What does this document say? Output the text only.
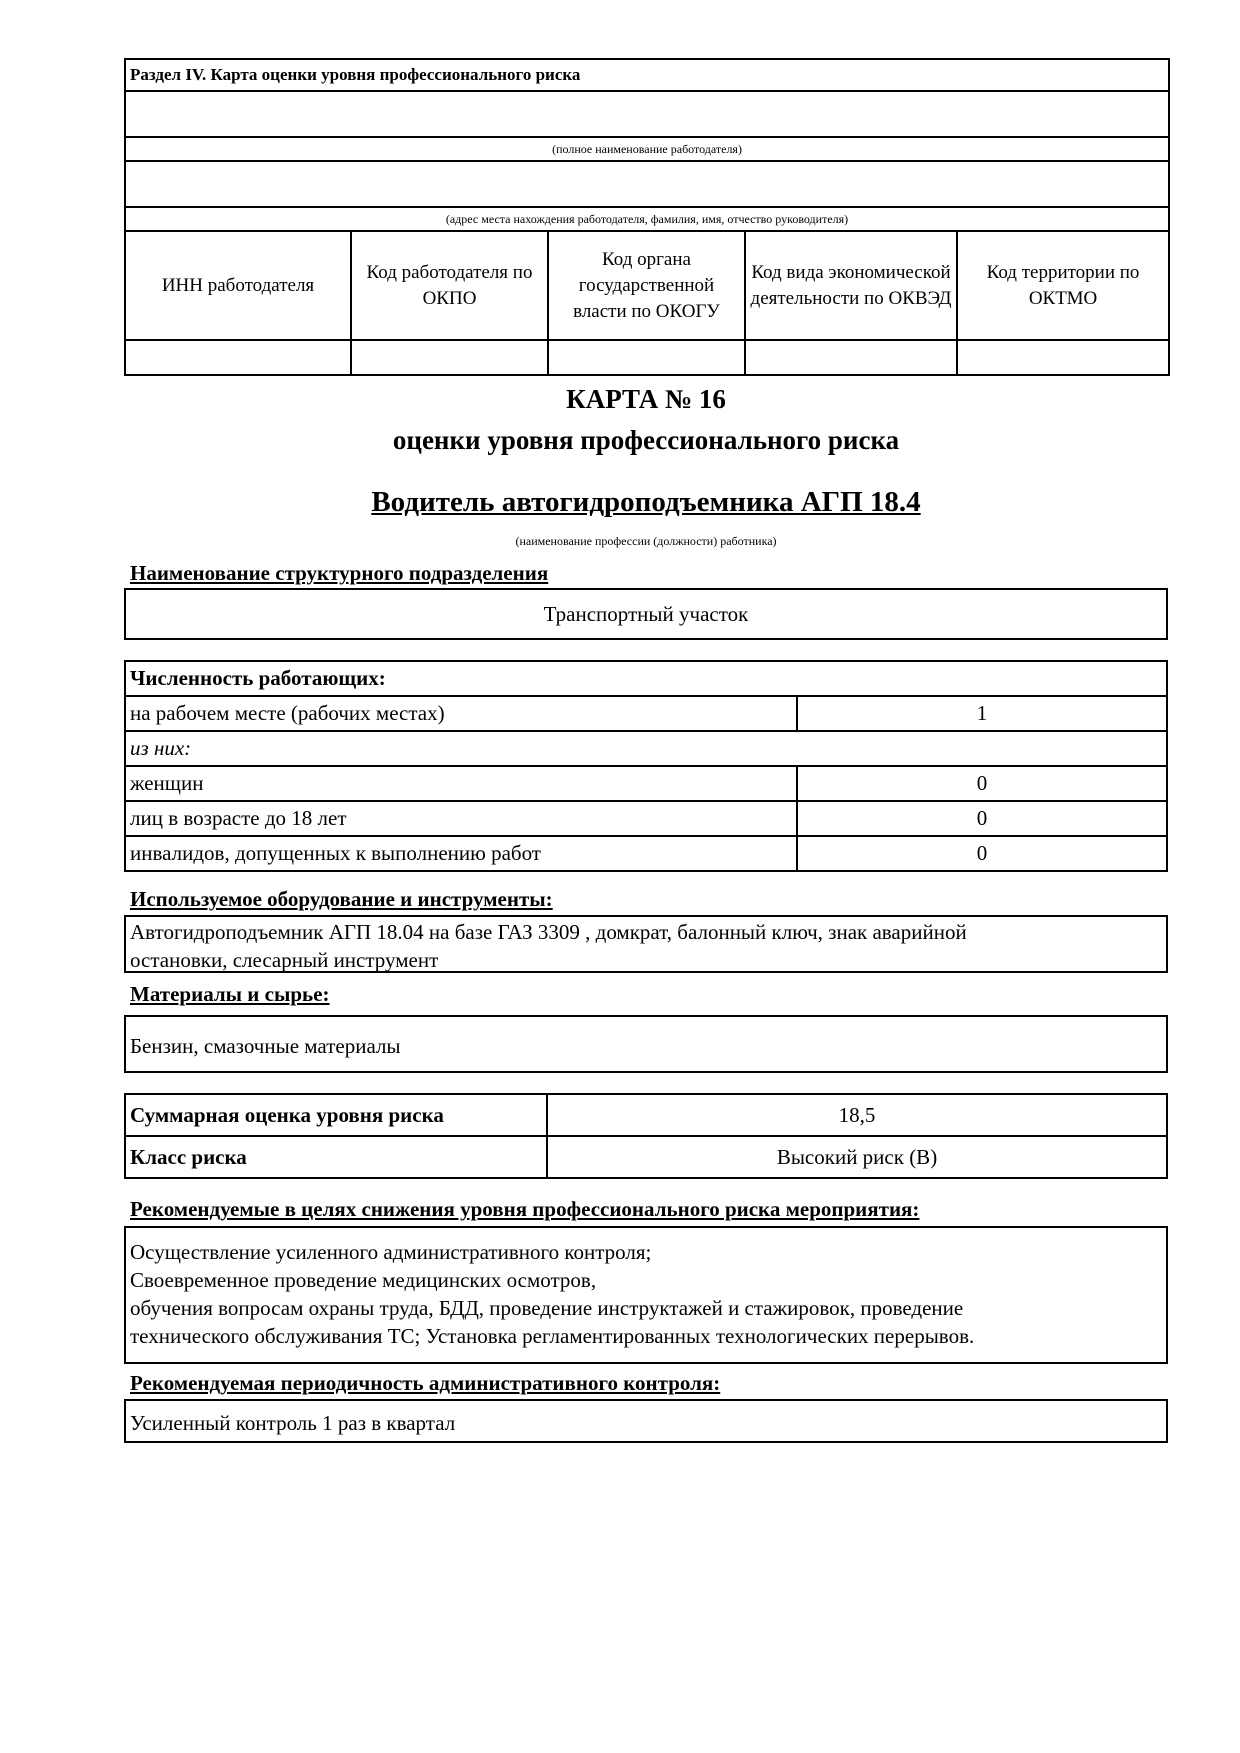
Раздел IV. Карта оценки уровня профессионального риска				

(полное наименование работодателя)				

(адрес места нахождения работодателя, фамилия, имя, отчество руководителя)				
ИНН работодателя	Код работодателя по ОКПО	Код органа государственной власти по ОКОГУ	Код вида экономической деятельности по ОКВЭД	Код территории по ОКТМО

КАРТА № 16
оценки уровня профессионального риска
Водитель автогидроподъемника АГП 18.4
(наименование профессии (должности) работника)
Наименование структурного подразделения
Транспортный участок
Численность работающих:	
на рабочем месте (рабочих местах)	1
из них:	
женщин	0
лиц в возрасте до 18 лет	0
инвалидов, допущенных к выполнению работ	0
Используемое оборудование и инструменты:
Автогидроподъемник АГП 18.04 на базе ГАЗ 3309 , домкрат, балонный ключ, знак аварийной
остановки, слесарный инструмент
Материалы и сырье:
Бензин, смазочные материалы
Суммарная оценка уровня риска	18,5
Класс риска	Высокий риск (В)
Рекомендуемые в целях снижения уровня профессионального риска мероприятия:
Осуществление усиленного административного контроля;
Своевременное проведение медицинских осмотров,
обучения вопросам охраны труда, БДД, проведение инструктажей и стажировок, проведение
технического обслуживания ТС; Установка регламентированных технологических перерывов.
Рекомендуемая периодичность административного контроля:
Усиленный контроль 1 раз в квартал
